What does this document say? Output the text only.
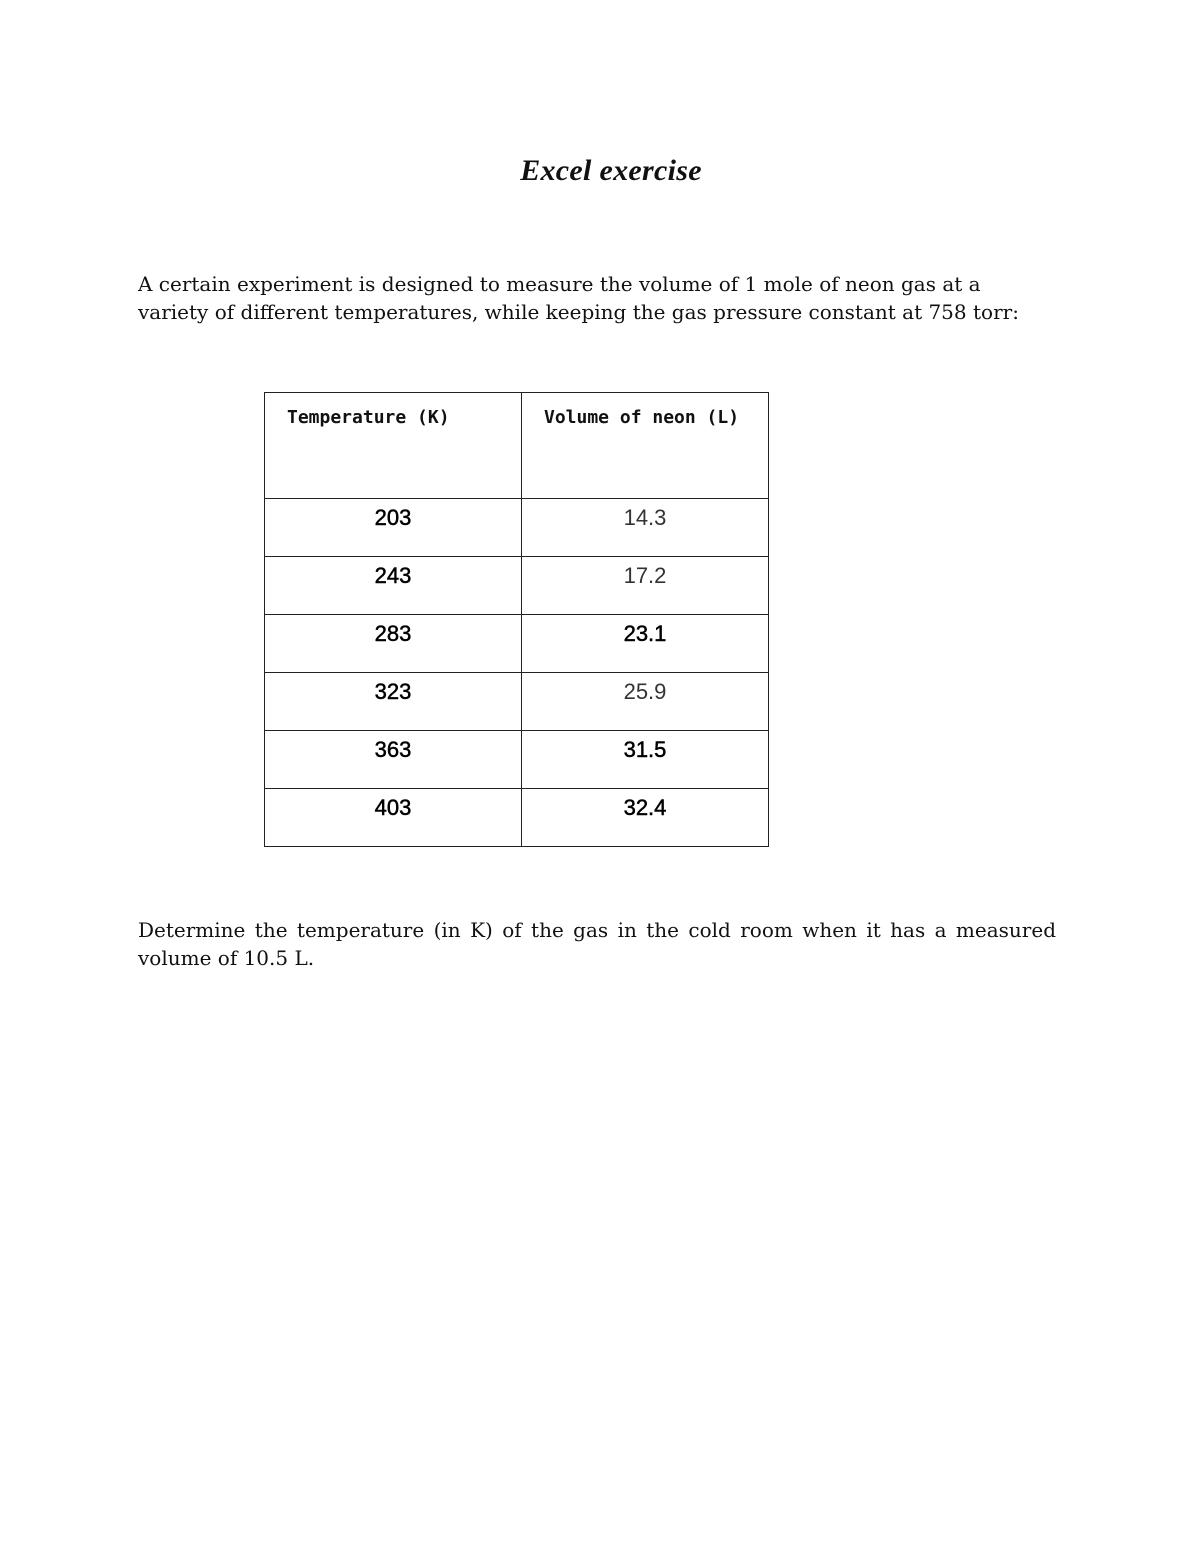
Excel exercise

A certain experiment is designed to measure the volume of 1 mole of neon gas at a variety of different temperatures, while keeping the gas pressure constant at 758 torr:

Temperature (K)	Volume of neon (L)
203	14.3
243	17.2
283	23.1
323	25.9
363	31.5
403	32.4

Determine the temperature (in K) of the gas in the cold room when it has a measured volume of 10.5 L.
